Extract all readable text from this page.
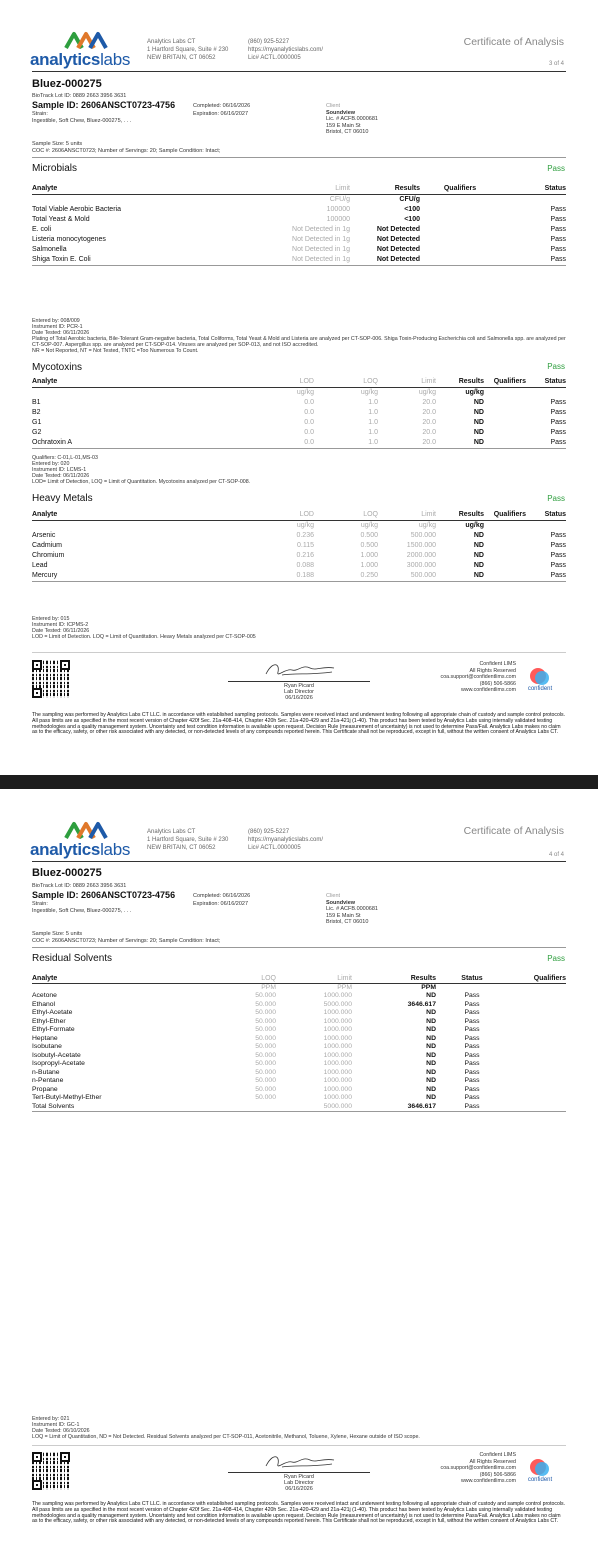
analyticslabs
Analytics Labs CT
1 Hartford Square, Suite # 230
NEW BRITAIN, CT 06052
(860) 925-5227
https://myanalyticslabs.com/
Lic# ACTL.0000005
Certificate of Analysis
3 of 4
Bluez-000275
BioTrack Lot ID: 0889 2663 3956 3631
Sample ID: 2606ANSCT0723-4756	Completed: 06/16/2026
Expiration: 06/16/2027
Strain:
Ingestible, Soft Chew, Bluez-000275, . . .
Client
Soundview
Lic. # ACFB.0000681
159 E Main St
Bristol, CT 06010
Sample Size: 5 units
COC #: 2606ANSCT0723; Number of Servings: 20; Sample Condition: Intact;
Microbials	Pass
Analyte	Limit	Results	Qualifiers	Status
	CFU/g	CFU/g		
Total Viable Aerobic Bacteria	100000	<100		Pass
Total Yeast & Mold	100000	<100		Pass
E. coli	Not Detected in 1g	Not Detected		Pass
Listeria monocytogenes	Not Detected in 1g	Not Detected		Pass
Salmonella	Not Detected in 1g	Not Detected		Pass
Shiga Toxin E. Coli	Not Detected in 1g	Not Detected		Pass
Entered by: 008/009
Instrument ID: PCR-1
Date Tested: 06/11/2026
Plating of Total Aerobic bacteria, Bile-Tolerant Gram-negative bacteria, Total Coliforms, Total Yeast & Mold and Listeria are analyzed per CT-SOP-006. Shiga Toxin-Producing Escherichia coli and Salmonella spp. are analyzed per CT-SOP-007. Aspergillus spp. are analyzed per CT-SOP-014. Viruses are analyzed per SOP-013, and not ISO accredited.
NR = Not Reported, NT = Not Tested, TNTC =Too Numerous To Count.
Mycotoxins	Pass
Analyte	LOD	LOQ	Limit	Results	Qualifiers	Status
	ug/kg	ug/kg	ug/kg	ug/kg		
B1	0.0	1.0	20.0	ND		Pass
B2	0.0	1.0	20.0	ND		Pass
G1	0.0	1.0	20.0	ND		Pass
G2	0.0	1.0	20.0	ND		Pass
Ochratoxin A	0.0	1.0	20.0	ND		Pass
Qualifiers: C-01,L-01,MS-03
Entered by: 020
Instrument ID: LCMS-1
Date Tested: 06/11/2026
LOD= Limit of Detection, LOQ = Limit of Quantitation. Mycotoxins analyzed per CT-SOP-008.
Heavy Metals	Pass
Analyte	LOD	LOQ	Limit	Results	Qualifiers	Status
	ug/kg	ug/kg	ug/kg	ug/kg		
Arsenic	0.236	0.500	500.000	ND		Pass
Cadmium	0.115	0.500	1500.000	ND		Pass
Chromium	0.216	1.000	2000.000	ND		Pass
Lead	0.088	1.000	3000.000	ND		Pass
Mercury	0.188	0.250	500.000	ND		Pass
Entered by: 015
Instrument ID: ICPMS-2
Date Tested: 06/11/2026
LOD = Limit of Detection. LOQ = Limit of Quantitation. Heavy Metals analyzed per CT-SOP-005
Ryan Picard
Lab Director
06/16/2026
Confident LIMS
All Rights Reserved
coa.support@confidentlims.com
(866) 506-5866
www.confidentlims.com	confident
The sampling was performed by Analytics Labs CT LLC. in accordance with established sampling protocols. Samples were received intact and underwent testing following all appropriate chain of custody and sample control protocols. All pass limits are as specified in the most recent version of Chapter 420f Sec. 21a-408-414, Chapter 420h Sec. 21a-420-429 and 21a-421j (1-40). This product has been tested by Analytics Labs using internally validated testing methodologies and a quality management system. Uncertainty and test condition information is available upon request. Decision Rule (measurement of uncertainty) is not used to determine Pass/Fail. Analytics Labs makes no claim as to the efficacy, safety, or other risk associated with any detected, or non-detected levels of any compounds reported herein. This Certificate shall not be reproduced, except in full, without the written consent of Analytics Labs CT.
analyticslabs
Analytics Labs CT
1 Hartford Square, Suite # 230
NEW BRITAIN, CT 06052
(860) 925-5227
https://myanalyticslabs.com/
Lic# ACTL.0000005
Certificate of Analysis
4 of 4
Bluez-000275
BioTrack Lot ID: 0889 2663 3956 3631
Sample ID: 2606ANSCT0723-4756	Completed: 06/16/2026
Expiration: 06/16/2027
Strain:
Ingestible, Soft Chew, Bluez-000275, . . .
Client
Soundview
Lic. # ACFB.0000681
159 E Main St
Bristol, CT 06010
Sample Size: 5 units
COC #: 2606ANSCT0723; Number of Servings: 20; Sample Condition: Intact;
Residual Solvents	Pass
Analyte	LOQ	Limit	Results	Status	Qualifiers
	PPM	PPM	PPM		
Acetone	50.000	1000.000	ND	Pass	
Ethanol	50.000	5000.000	3646.617	Pass	
Ethyl-Acetate	50.000	1000.000	ND	Pass	
Ethyl-Ether	50.000	1000.000	ND	Pass	
Ethyl-Formate	50.000	1000.000	ND	Pass	
Heptane	50.000	1000.000	ND	Pass	
Isobutane	50.000	1000.000	ND	Pass	
Isobutyl-Acetate	50.000	1000.000	ND	Pass	
Isopropyl-Acetate	50.000	1000.000	ND	Pass	
n-Butane	50.000	1000.000	ND	Pass	
n-Pentane	50.000	1000.000	ND	Pass	
Propane	50.000	1000.000	ND	Pass	
Tert-Butyl-Methyl-Ether	50.000	1000.000	ND	Pass	
Total Solvents		5000.000	3646.617	Pass	
Entered by: 021
Instrument ID: GC-1
Date Tested: 06/10/2026
LOQ = Limit of Quantitation, ND = Not Detected. Residual Solvents analyzed per CT-SOP-011, Acetonitrile, Methanol, Toluene, Xylene, Hexane outside of ISO scope.
Ryan Picard
Lab Director
06/16/2026
Confident LIMS
All Rights Reserved
coa.support@confidentlims.com
(866) 506-5866
www.confidentlims.com	confident
The sampling was performed by Analytics Labs CT LLC. in accordance with established sampling protocols. Samples were received intact and underwent testing following all appropriate chain of custody and sample control protocols. All pass limits are as specified in the most recent version of Chapter 420f Sec. 21a-408-414, Chapter 420h Sec. 21a-420-429 and 21a-421j (1-40). This product has been tested by Analytics Labs using internally validated testing methodologies and a quality management system. Uncertainty and test condition information is available upon request. Decision Rule (measurement of uncertainty) is not used to determine Pass/Fail. Analytics Labs makes no claim as to the efficacy, safety, or other risk associated with any detected, or non-detected levels of any compounds reported herein. This Certificate shall not be reproduced, except in full, without the written consent of Analytics Labs CT.
